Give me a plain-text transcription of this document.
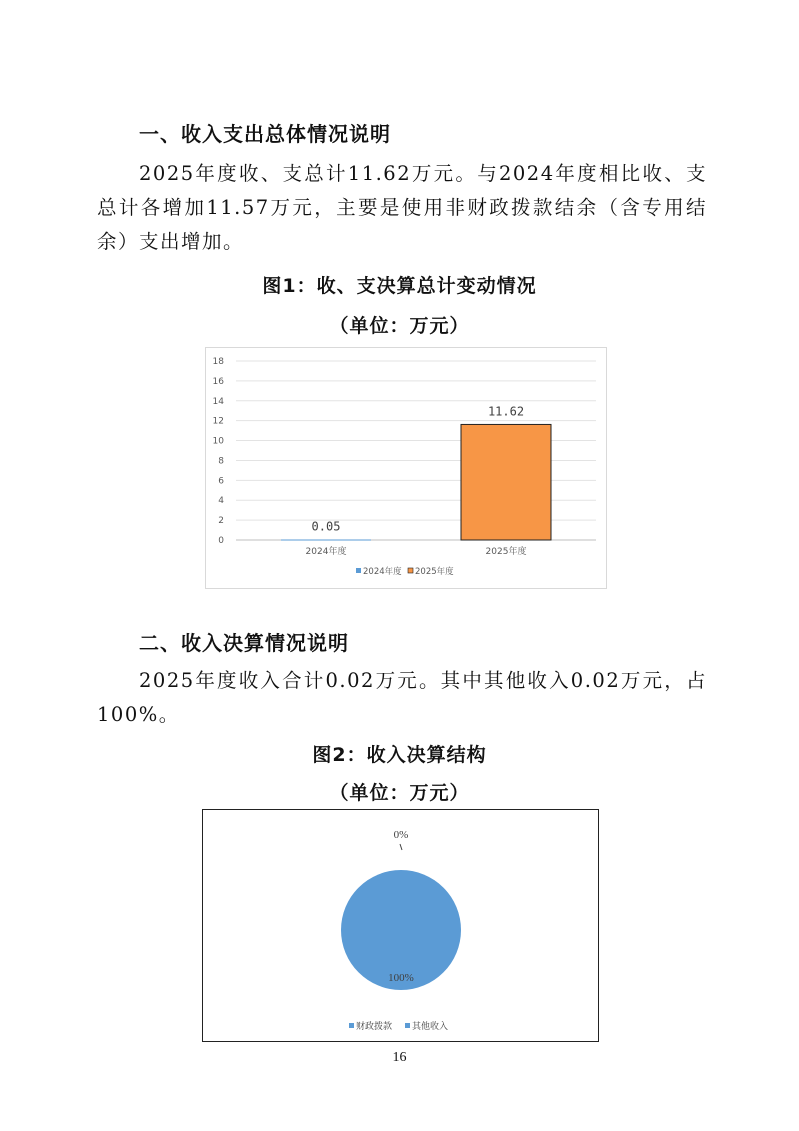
一、收入支出总体情况说明

2025年度收、支总计11.62万元。与2024年度相比收、支总计各增加11.57万元，主要是使用非财政拨款结余（含专用结余）支出增加。

图1：收、支决算总计变动情况
（单位：万元）
0
2
4
6
8
10
12
14
16
18
0.05
2024年度
11.62
2025年度
2024年度 2025年度
二、收入决算情况说明

2025年度收入合计0.02万元。其中其他收入0.02万元，占100%。

图2：收入决算结构
（单位：万元）
0%
100%
财政拨款 其他收入
16
